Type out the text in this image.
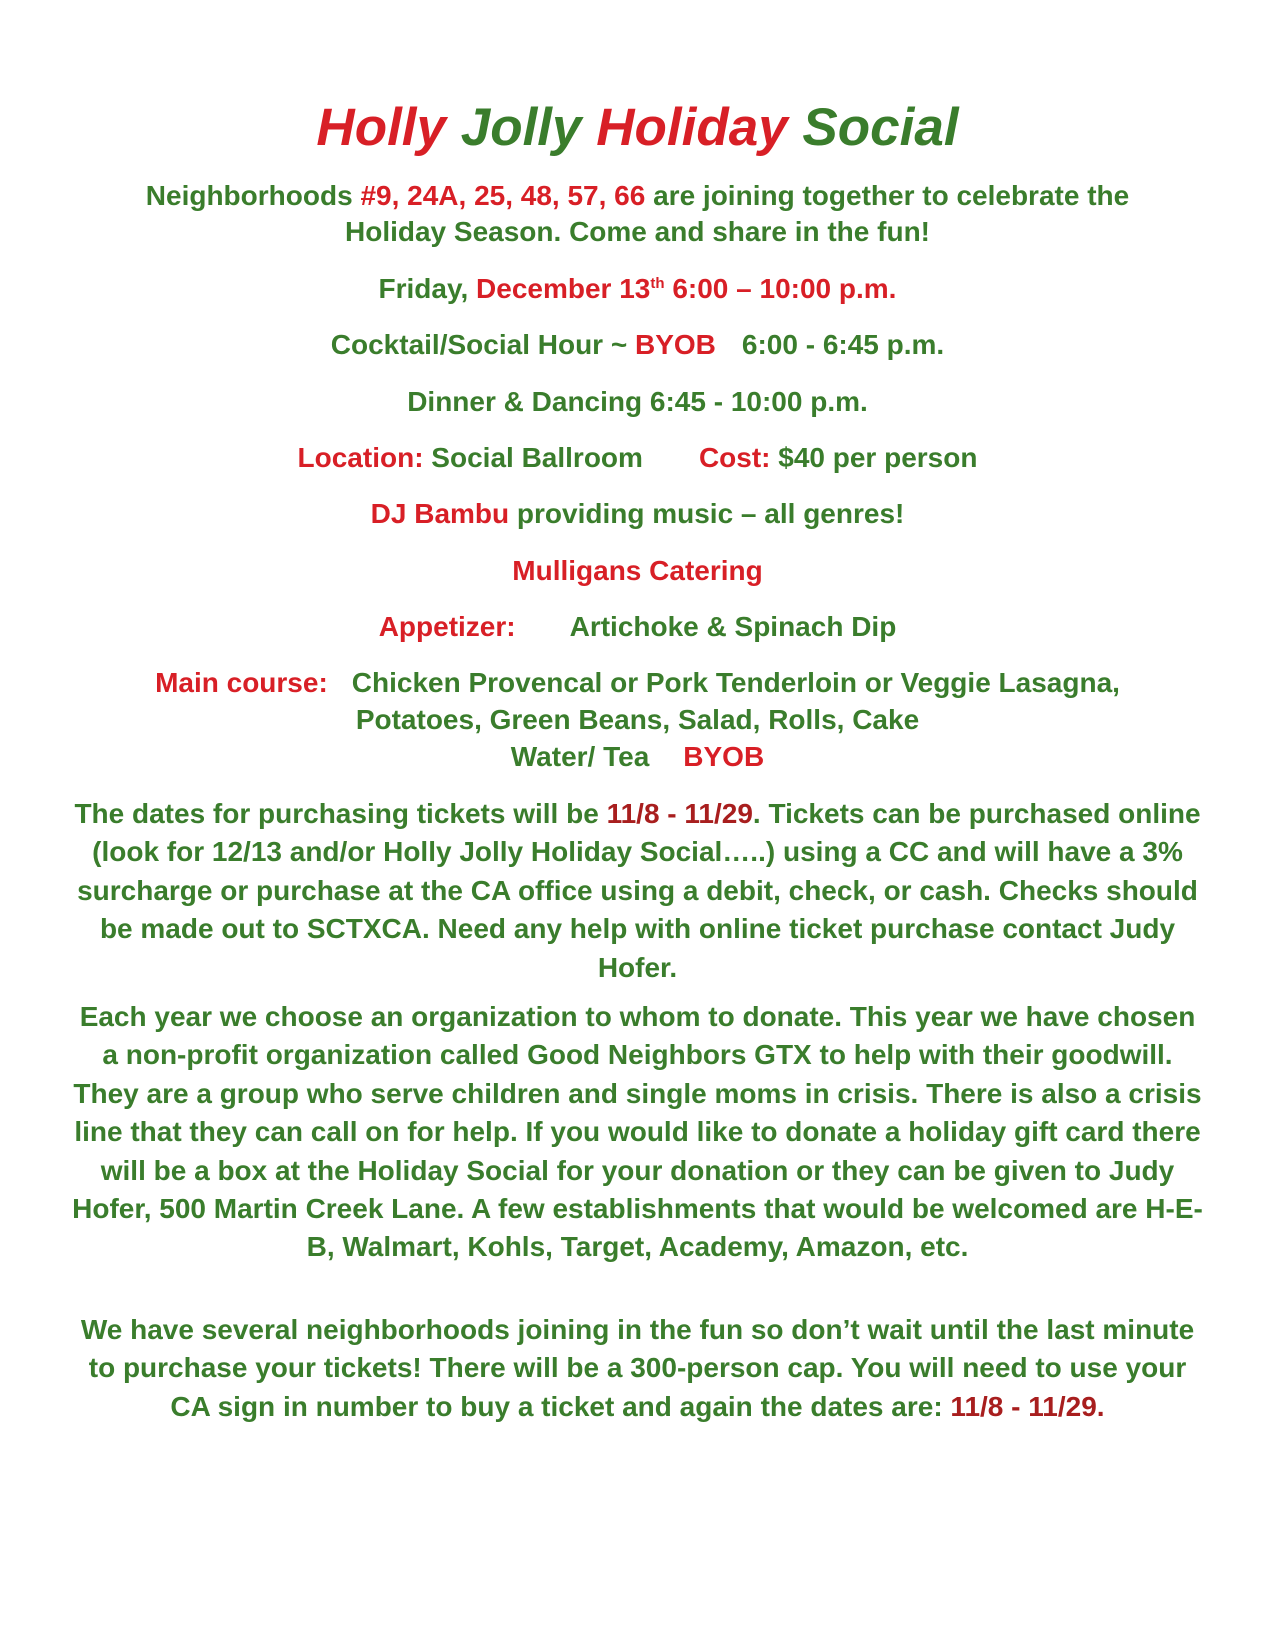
Holly Jolly Holiday Social
Neighborhoods #9, 24A, 25, 48, 57, 66 are joining together to celebrate the
Holiday Season. Come and share in the fun!
Friday, December 13th 6:00 – 10:00 p.m.
Cocktail/Social Hour ~ BYOB 6:00 - 6:45 p.m.
Dinner & Dancing 6:45 - 10:00 p.m.
Location: Social Ballroom Cost: $40 per person
DJ Bambu providing music – all genres!
Mulligans Catering
Appetizer: Artichoke & Spinach Dip
Main course: Chicken Provencal or Pork Tenderloin or Veggie Lasagna,
Potatoes, Green Beans, Salad, Rolls, Cake
Water/ Tea BYOB
The dates for purchasing tickets will be 11/8 - 11/29. Tickets can be purchased online (look for 12/13 and/or Holly Jolly Holiday Social…..) using a CC and will have a 3% surcharge or purchase at the CA office using a debit, check, or cash. Checks should be made out to SCTXCA. Need any help with online ticket purchase contact Judy Hofer.
Each year we choose an organization to whom to donate. This year we have chosen a non-profit organization called Good Neighbors GTX to help with their goodwill. They are a group who serve children and single moms in crisis. There is also a crisis line that they can call on for help. If you would like to donate a holiday gift card there will be a box at the Holiday Social for your donation or they can be given to Judy Hofer, 500 Martin Creek Lane. A few establishments that would be welcomed are H-E-B, Walmart, Kohls, Target, Academy, Amazon, etc.
We have several neighborhoods joining in the fun so don’t wait until the last minute to purchase your tickets! There will be a 300-person cap. You will need to use your CA sign in number to buy a ticket and again the dates are: 11/8 - 11/29.
